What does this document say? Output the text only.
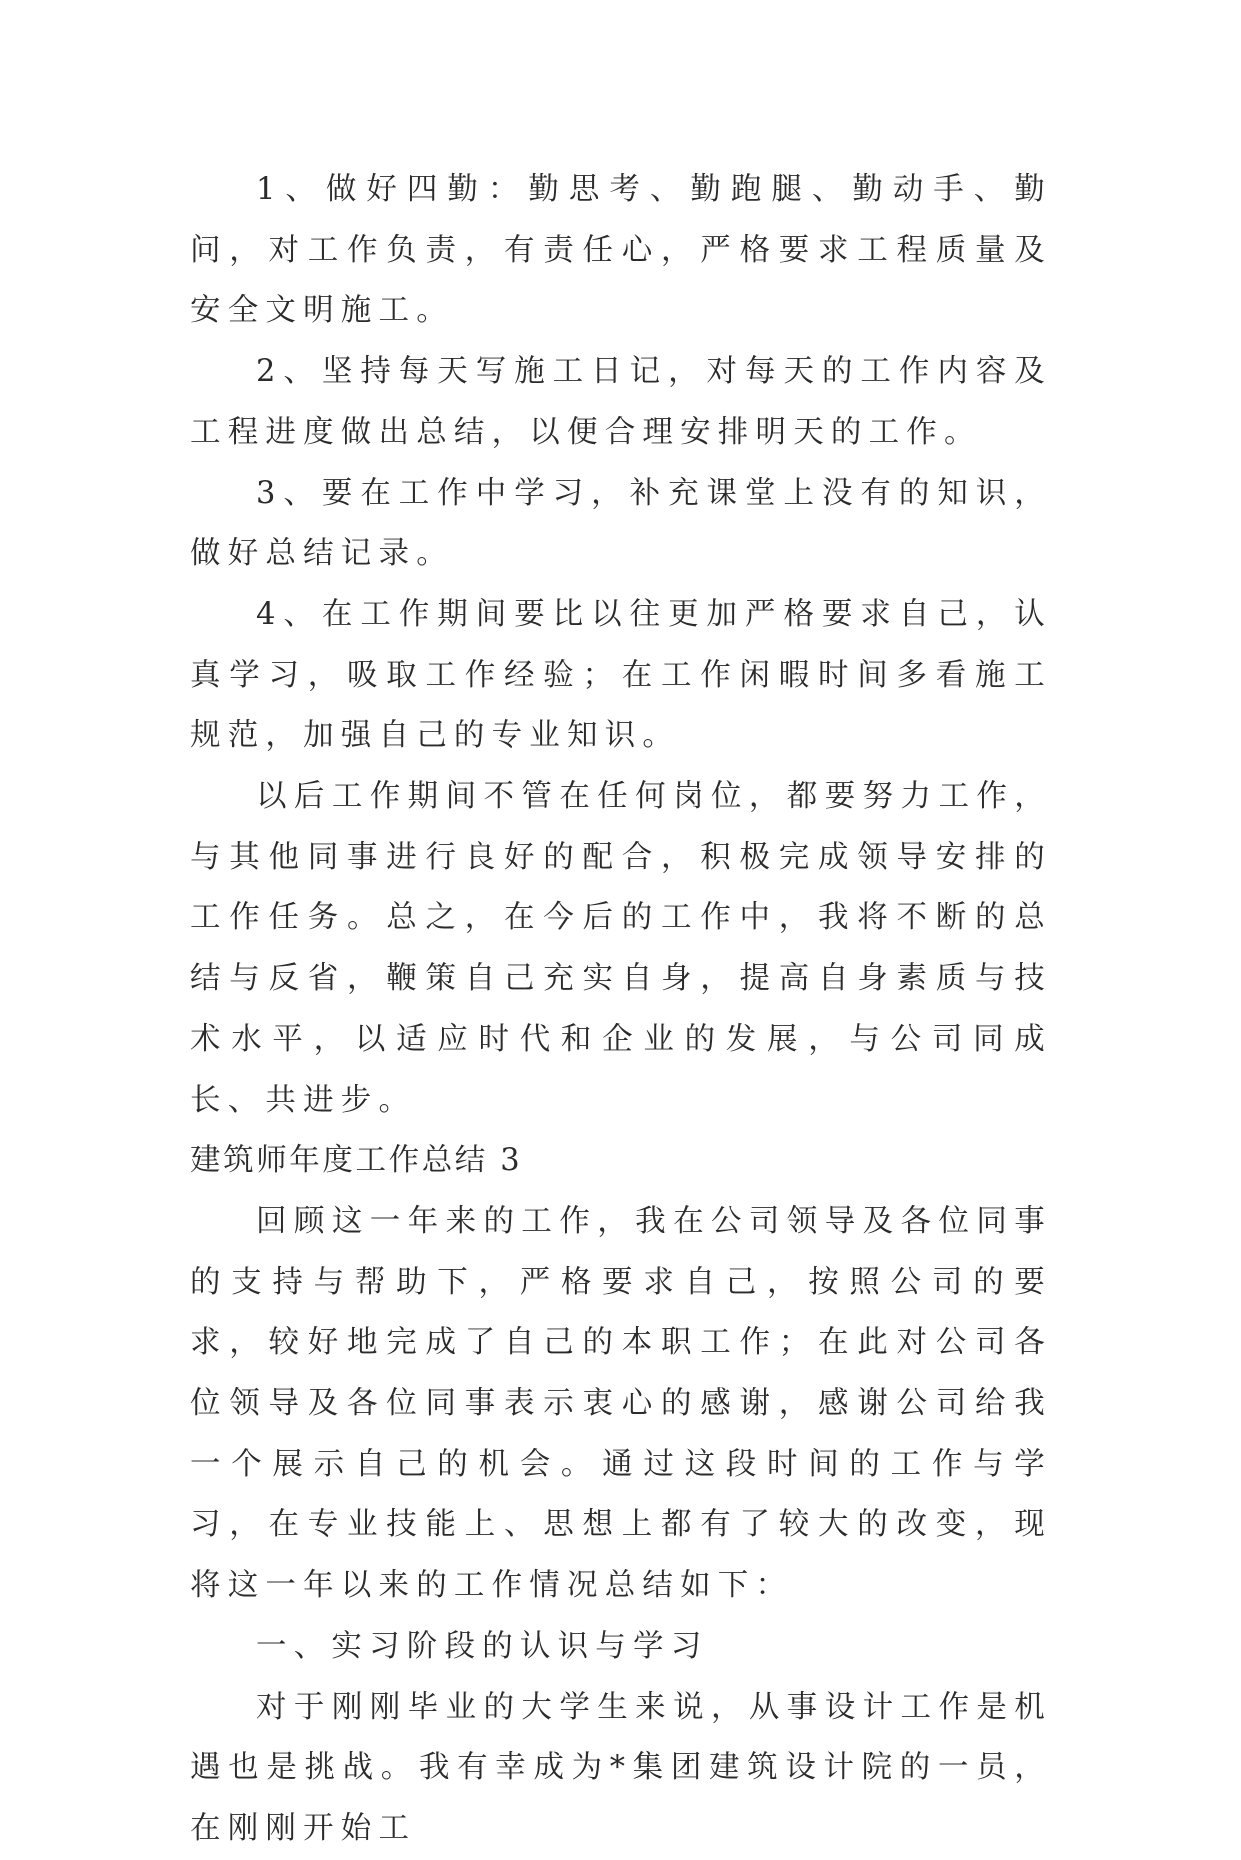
1、做好四勤：勤思考、勤跑腿、勤动手、勤问，对工作负责，有责任心，严格要求工程质量及安全文明施工。

2、坚持每天写施工日记，对每天的工作内容及工程进度做出总结，以便合理安排明天的工作。

3、要在工作中学习，补充课堂上没有的知识，做好总结记录。

4、在工作期间要比以往更加严格要求自己，认真学习，吸取工作经验；在工作闲暇时间多看施工规范，加强自己的专业知识。

以后工作期间不管在任何岗位，都要努力工作，与其他同事进行良好的配合，积极完成领导安排的工作任务。总之，在今后的工作中，我将不断的总结与反省，鞭策自己充实自身，提高自身素质与技术水平，以适应时代和企业的发展，与公司同成长、共进步。

建筑师年度工作总结 3

回顾这一年来的工作，我在公司领导及各位同事的支持与帮助下，严格要求自己，按照公司的要求，较好地完成了自己的本职工作；在此对公司各位领导及各位同事表示衷心的感谢，感谢公司给我一个展示自己的机会。通过这段时间的工作与学习，在专业技能上、思想上都有了较大的改变，现将这一年以来的工作情况总结如下：

一、实习阶段的认识与学习

对于刚刚毕业的大学生来说，从事设计工作是机遇也是挑战。我有幸成为*集团建筑设计院的一员，在刚刚开始工
